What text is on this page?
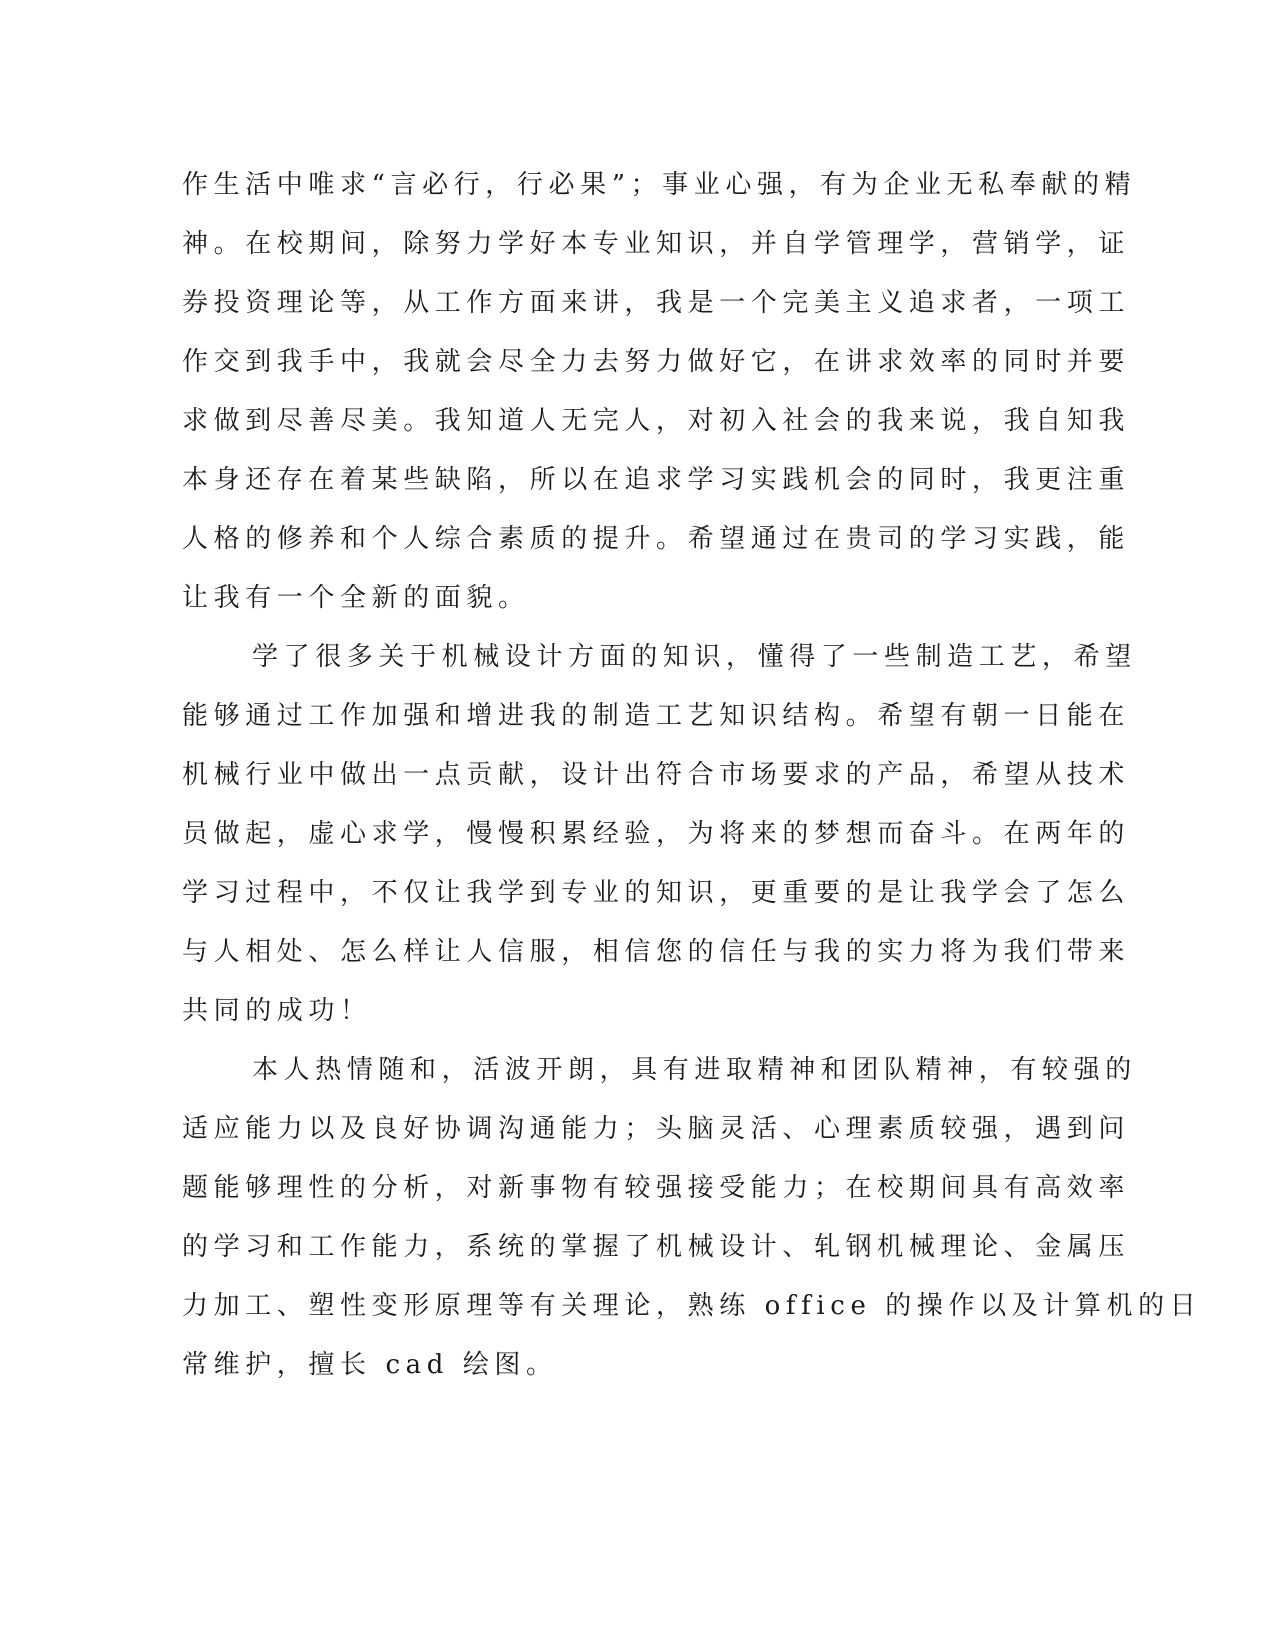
作生活中唯求“言必行，行必果”；事业心强，有为企业无私奉献的精
神。在校期间，除努力学好本专业知识，并自学管理学，营销学，证
券投资理论等，从工作方面来讲，我是一个完美主义追求者，一项工
作交到我手中，我就会尽全力去努力做好它，在讲求效率的同时并要
求做到尽善尽美。我知道人无完人，对初入社会的我来说，我自知我
本身还存在着某些缺陷，所以在追求学习实践机会的同时，我更注重
人格的修养和个人综合素质的提升。希望通过在贵司的学习实践，能
让我有一个全新的面貌。
学了很多关于机械设计方面的知识，懂得了一些制造工艺，希望
能够通过工作加强和增进我的制造工艺知识结构。希望有朝一日能在
机械行业中做出一点贡献，设计出符合市场要求的产品，希望从技术
员做起，虚心求学，慢慢积累经验，为将来的梦想而奋斗。在两年的
学习过程中，不仅让我学到专业的知识，更重要的是让我学会了怎么
与人相处、怎么样让人信服，相信您的信任与我的实力将为我们带来
共同的成功！
本人热情随和，活波开朗，具有进取精神和团队精神，有较强的
适应能力以及良好协调沟通能力；头脑灵活、心理素质较强，遇到问
题能够理性的分析，对新事物有较强接受能力；在校期间具有高效率
的学习和工作能力，系统的掌握了机械设计、轧钢机械理论、金属压
力加工、塑性变形原理等有关理论，熟练 office 的操作以及计算机的日
常维护，擅长 cad 绘图。
